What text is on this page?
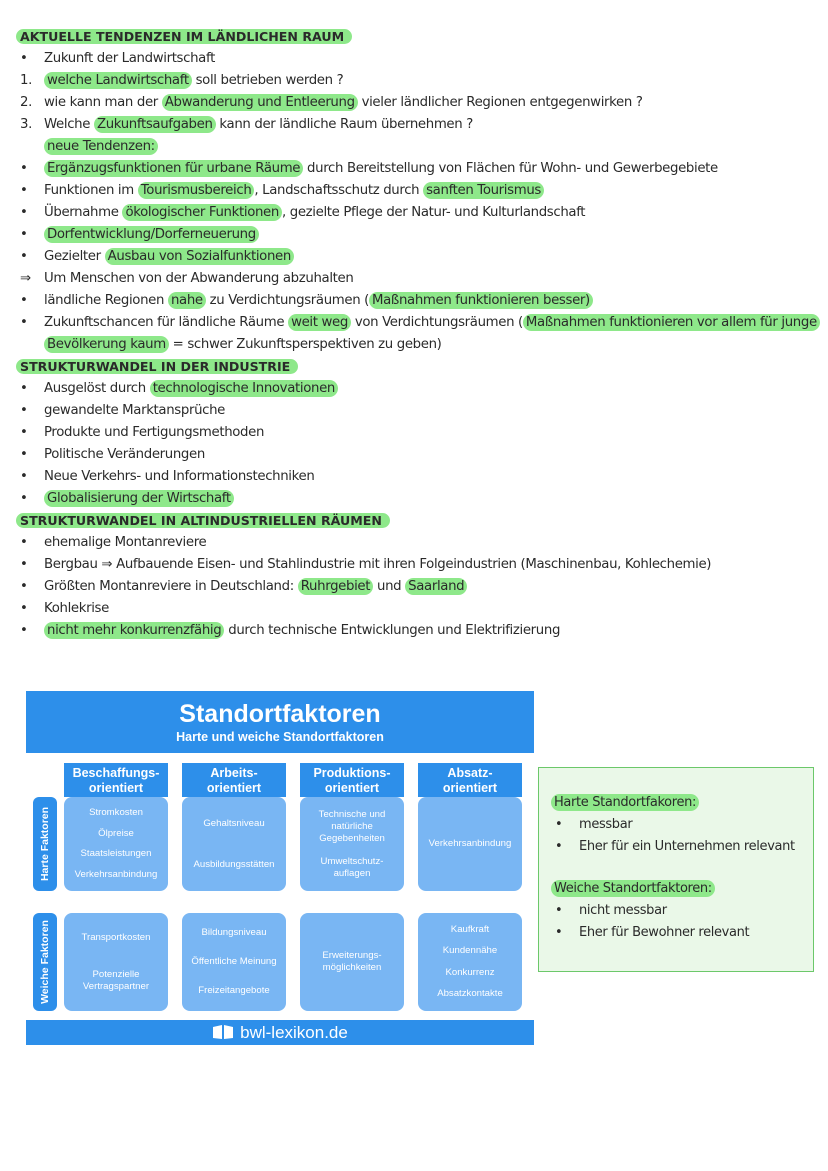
AKTUELLE TENDENZEN IM LÄNDLICHEN RAUM
• Zukunft der Landwirtschaft
1. welche Landwirtschaft soll betrieben werden ?
2. wie kann man der Abwanderung und Entleerung vieler ländlicher Regionen entgegenwirken ?
3. Welche Zukunftsaufgaben kann der ländliche Raum übernehmen ?
neue Tendenzen:
• Ergänzugsfunktionen für urbane Räume durch Bereitstellung von Flächen für Wohn- und Gewerbegebiete
• Funktionen im Tourismusbereich , Landschaftsschutz durch sanften Tourismus
• Übernahme ökologischer Funktionen , gezielte Pflege der Natur- und Kulturlandschaft
• Dorfentwicklung/Dorferneuerung
• Gezielter Ausbau von Sozialfunktionen
⇒ Um Menschen von der Abwanderung abzuhalten
• ländliche Regionen nahe zu Verdichtungsräumen ( Maßnahmen funktionieren besser)
• Zukunftschancen für ländliche Räume weit weg von Verdichtungsräumen ( Maßnahmen funktionieren vor allem für junge
Bevölkerung kaum = schwer Zukunftsperspektiven zu geben)
STRUKTURWANDEL IN DER INDUSTRIE
• Ausgelöst durch technologische Innovationen
• gewandelte Marktansprüche
• Produkte und Fertigungsmethoden
• Politische Veränderungen
• Neue Verkehrs- und Informationstechniken
• Globalisierung der Wirtschaft
STRUKTURWANDEL IN ALTINDUSTRIELLEN RÄUMEN
• ehemalige Montanreviere
• Bergbau ⇒ Aufbauende Eisen- und Stahlindustrie mit ihren Folgeindustrien (Maschinenbau, Kohlechemie)
• Größten Montanreviere in Deutschland: Ruhrgebiet und Saarland
• Kohlekrise
• nicht mehr konkurrenzfähig durch technische Entwicklungen und Elektrifizierung
Standortfaktoren
Harte und weiche Standortfaktoren
Harte Faktoren
Weiche Faktoren
Beschaffungs-
orientiert
Stromkosten
Ölpreise
Staatsleistungen
Verkehrsanbindung
Transportkosten
Potenzielle Vertragspartner
Arbeits-
orientiert
Gehaltsniveau
Ausbildungsstätten
Bildungsniveau
Öffentliche Meinung
Freizeitangebote
Produktions-
orientiert
Technische und natürliche Gegebenheiten
Umweltschutz-auflagen
Erweiterungs-möglichkeiten
Absatz-
orientiert
Verkehrsanbindung
Kaufkraft
Kundennähe
Konkurrenz
Absatzkontakte
bwl-lexikon.de
Harte Standortfakoren:
• messbar
• Eher für ein Unternehmen relevant
Weiche Standortfaktoren:
• nicht messbar
• Eher für Bewohner relevant
